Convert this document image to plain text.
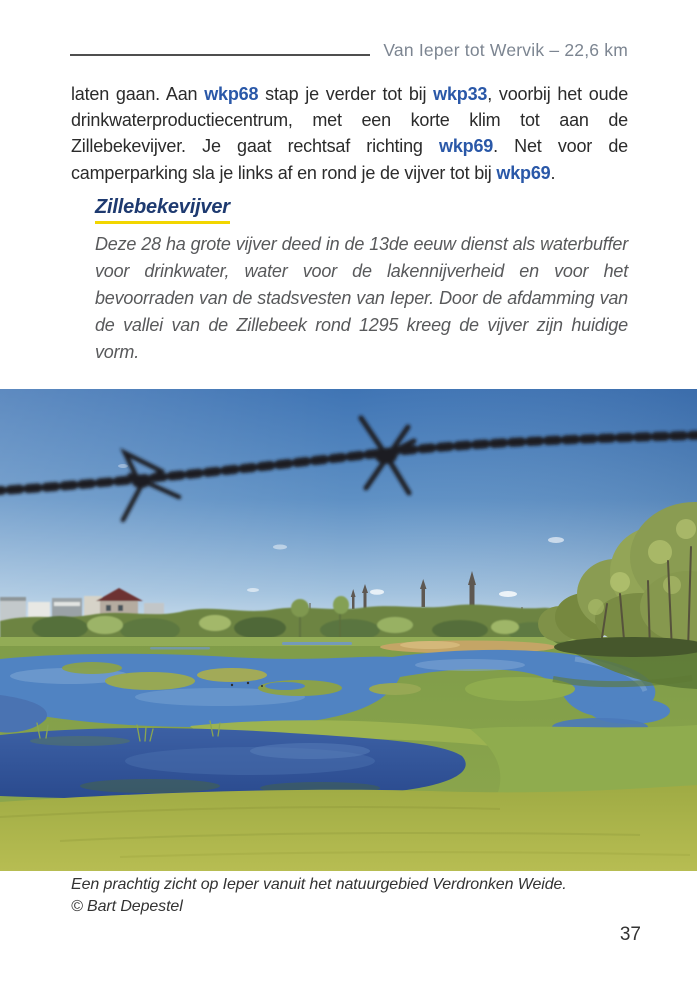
Van Ieper tot Wervik – 22,6 km

laten gaan. Aan wkp68 stap je verder tot bij wkp33, voorbij het oude drinkwaterproductiecentrum, met een korte klim tot aan de Zillebekevijver. Je gaat rechtsaf richting wkp69. Net voor de camperparking sla je links af en rond je de vijver tot bij wkp69.

Zillebekevijver

Deze 28 ha grote vijver deed in de 13de eeuw dienst als waterbuffer voor drinkwater, water voor de lakennijverheid en voor het bevoorraden van de stadsvesten van Ieper. Door de afdamming van de vallei van de Zillebeek rond 1295 kreeg de vijver zijn huidige vorm.

Een prachtig zicht op Ieper vanuit het natuurgebied Verdronken Weide.
© Bart Depestel

37
